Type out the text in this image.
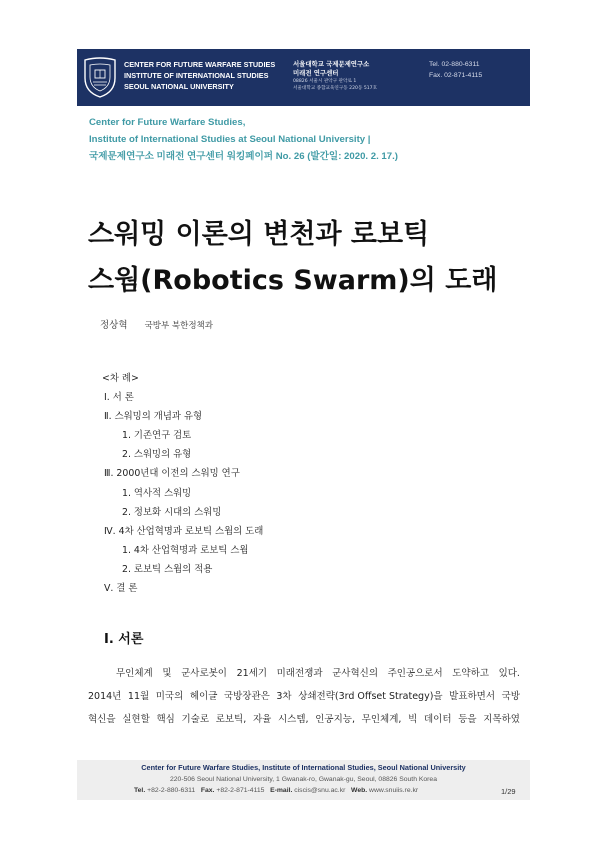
CENTER FOR FUTURE WARFARE STUDIES
INSTITUTE OF INTERNATIONAL STUDIES
SEOUL NATIONAL UNIVERSITY
서울대학교 국제문제연구소
미래전 연구센터
08826 서울시 관악구 관악로 1
서울대학교 종합교육연구동 220동 517호
Tel. 02-880-6311
Fax. 02-871-4115
Center for Future Warfare Studies,
Institute of International Studies at Seoul National University |
국제문제연구소 미래전 연구센터 워킹페이퍼 No. 26 (발간일: 2020. 2. 17.)
스워밍 이론의 변천과 로보틱
스웜(Robotics Swarm)의 도래
정상혁 국방부 북한정책과
<차 례>
Ⅰ. 서 론
Ⅱ. 스워밍의 개념과 유형
1. 기존연구 검토
2. 스워밍의 유형
Ⅲ. 2000년대 이전의 스워밍 연구
1. 역사적 스워밍
2. 정보화 시대의 스워밍
Ⅳ. 4차 산업혁명과 로보틱 스웜의 도래
1. 4차 산업혁명과 로보틱 스웜
2. 로보틱 스웜의 적용
Ⅴ. 결 론
Ⅰ. 서론
무인체계 및 군사로봇이 21세기 미래전쟁과 군사혁신의 주인공으로서 도약하고 있다.
2014년 11월 미국의 헤이글 국방장관은 3차 상쇄전략(3rd Offset Strategy)을 발표하면서 국방
혁신을 실현할 핵심 기술로 로보틱, 자율 시스템, 인공지능, 무인체계, 빅 데이터 등을 지목하였
Center for Future Warfare Studies, Institute of International Studies, Seoul National University
220-506 Seoul National University, 1 Gwanak-ro, Gwanak-gu, Seoul, 08826 South Korea
Tel. +82-2-880-6311 Fax. +82-2-871-4115 E-mail. ciscis@snu.ac.kr Web. www.snuiis.re.kr	1/29
